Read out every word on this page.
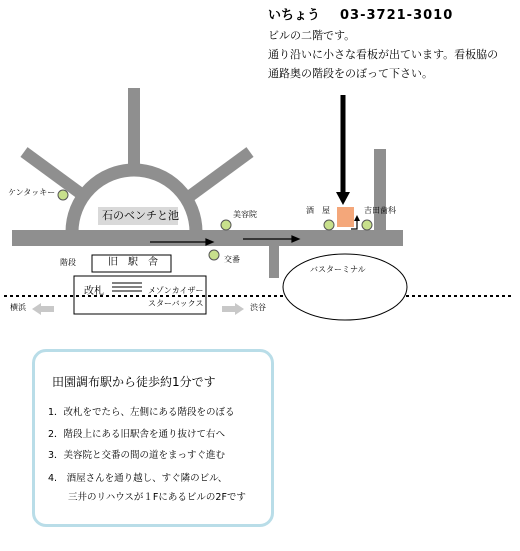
いちょう 03-3721-3010
ビルの二階です。
通り沿いに小さな看板が出ています。看板脇の
通路奥の階段をのぼって下さい。
ケンタッキー
石のベンチと池	美容院	酒　屋	吉田歯科
交番
階段	旧　駅　舎
改札	メゾンカイザー
スターバックス
バスターミナル
横浜	渋谷
田園調布駅から徒歩約1分です
1．改札をでたら、左側にある階段をのぼる
2．階段上にある旧駅舎を通り抜けて右へ
3．美容院と交番の間の道をまっすぐ進む
4.　酒屋さんを通り越し、すぐ隣のビル、
三井のリハウスが１Fにあるビルの2Fです
